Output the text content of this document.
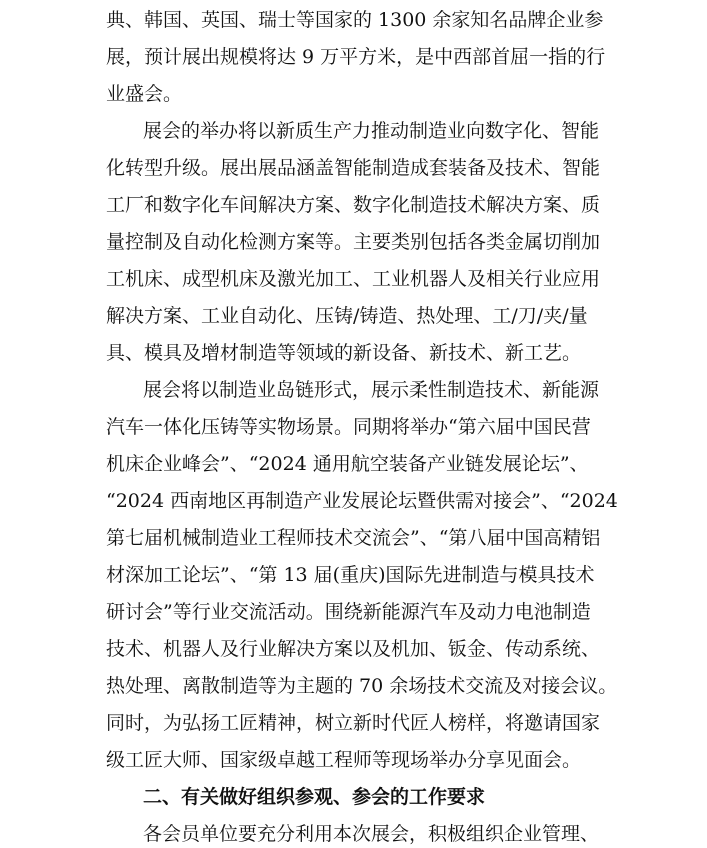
典、韩国、英国、瑞士等国家的 1300 余家知名品牌企业参
展，预计展出规模将达 9 万平方米，是中西部首屈一指的行
业盛会。
展会的举办将以新质生产力推动制造业向数字化、智能
化转型升级。展出展品涵盖智能制造成套装备及技术、智能
工厂和数字化车间解决方案、数字化制造技术解决方案、质
量控制及自动化检测方案等。主要类别包括各类金属切削加
工机床、成型机床及激光加工、工业机器人及相关行业应用
解决方案、工业自动化、压铸/铸造、热处理、工/刀/夹/量
具、模具及增材制造等领域的新设备、新技术、新工艺。
展会将以制造业岛链形式，展示柔性制造技术、新能源
汽车一体化压铸等实物场景。同期将举办“第六届中国民营
机床企业峰会”、“2024 通用航空装备产业链发展论坛”、
“2024 西南地区再制造产业发展论坛暨供需对接会”、“2024
第七届机械制造业工程师技术交流会”、“第八届中国高精铝
材深加工论坛”、“第 13 届(重庆)国际先进制造与模具技术
研讨会”等行业交流活动。围绕新能源汽车及动力电池制造
技术、机器人及行业解决方案以及机加、钣金、传动系统、
热处理、离散制造等为主题的 70 余场技术交流及对接会议。
同时，为弘扬工匠精神，树立新时代匠人榜样，将邀请国家
级工匠大师、国家级卓越工程师等现场举办分享见面会。
二、有关做好组织参观、参会的工作要求
各会员单位要充分利用本次展会，积极组织企业管理、
